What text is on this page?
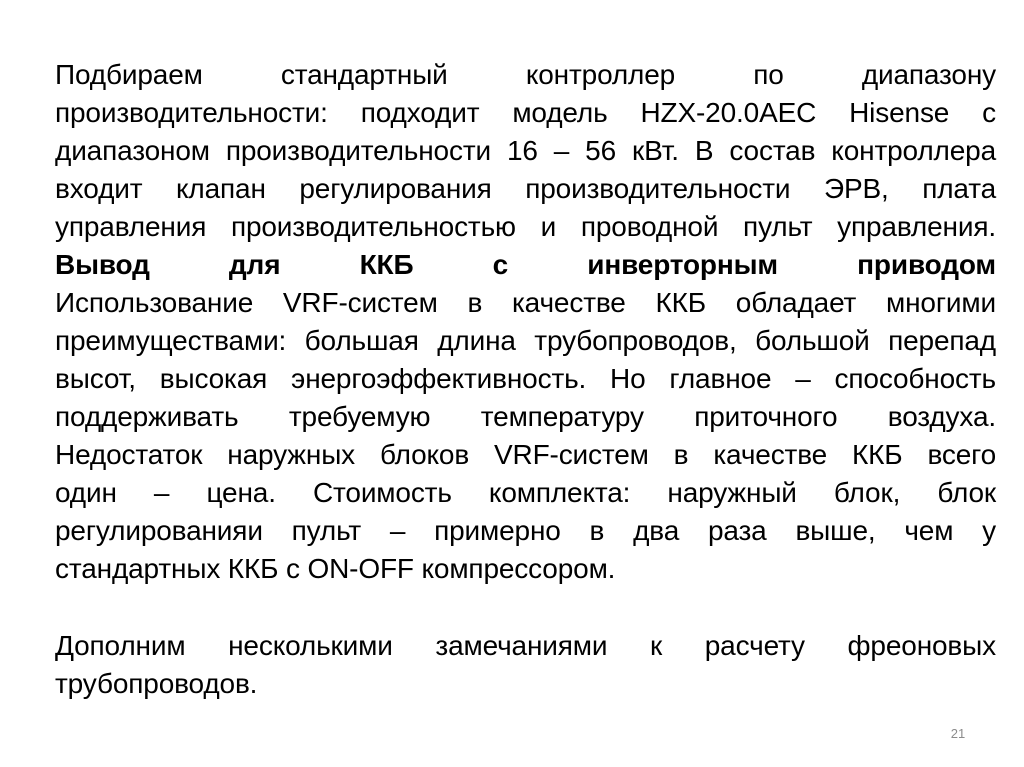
Подбираем стандартный контроллер по диапазону
производительности: подходит модель HZX-20.0AEC Hisense с
диапазоном производительности 16 – 56 кВт. В состав контроллера
входит клапан регулирования производительности ЭРВ, плата
управления производительностью и проводной пульт управления.
Вывод для ККБ с инверторным приводом
Использование VRF-систем в качестве ККБ обладает многими
преимуществами: большая длина трубопроводов, большой перепад
высот, высокая энергоэффективность. Но главное – способность
поддерживать требуемую температуру приточного воздуха.
Недостаток наружных блоков VRF-систем в качестве ККБ всего
один – цена. Стоимость комплекта: наружный блок, блок
регулированияи пульт – примерно в два раза выше, чем у
стандартных ККБ с ON-OFF компрессором.
Дополним несколькими замечаниями к расчету фреоновых
трубопроводов.
21
